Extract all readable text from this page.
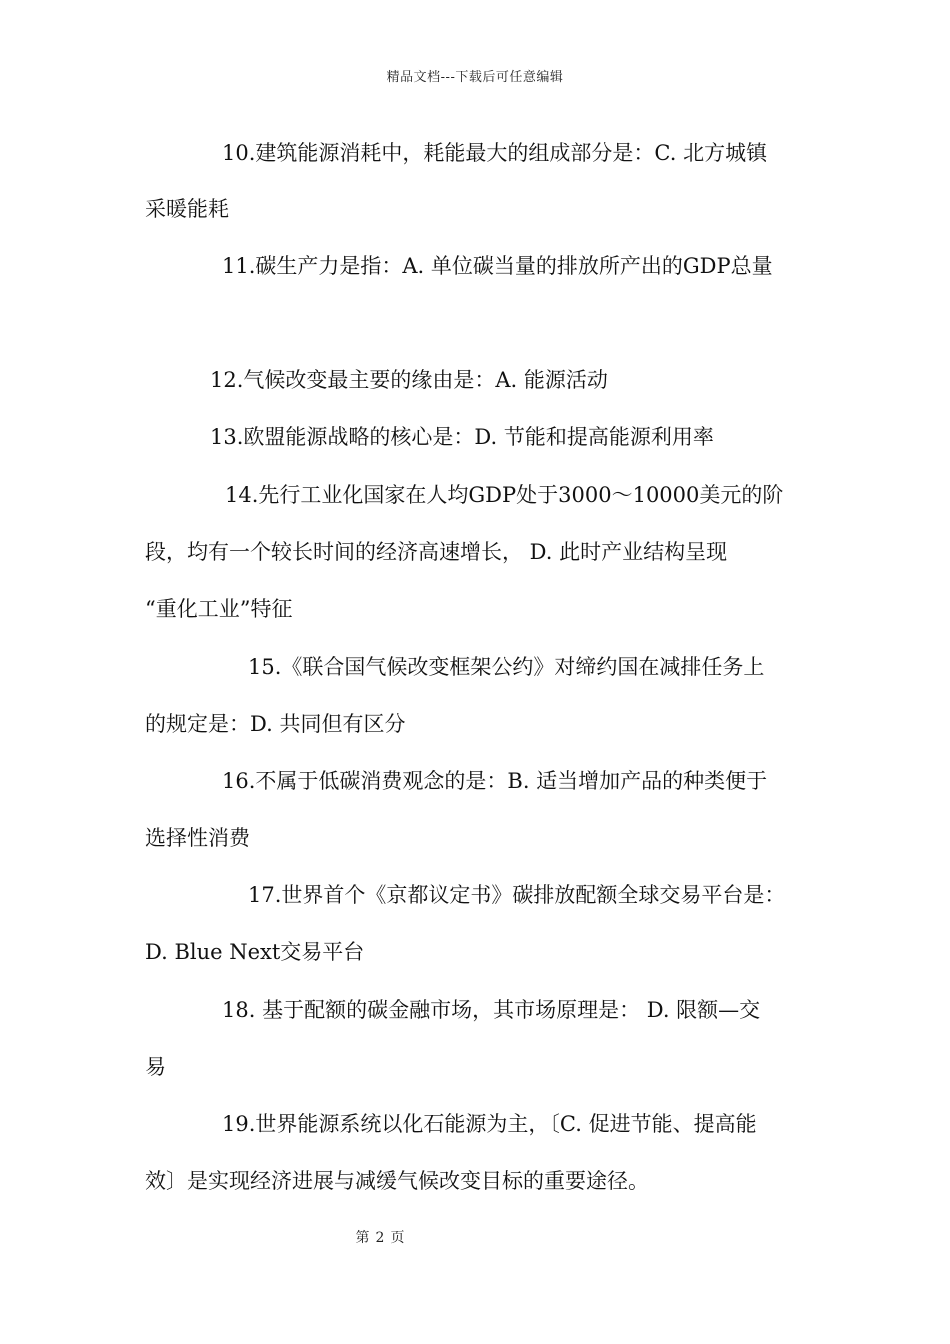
精品文档---下载后可任意编辑
10.建筑能源消耗中，耗能最大的组成部分是：C. 北方城镇
采暖能耗
11.碳生产力是指：A. 单位碳当量的排放所产出的GDP总量
12.气候改变最主要的缘由是：A. 能源活动
13.欧盟能源战略的核心是：D. 节能和提高能源利用率
14.先行工业化国家在人均GDP处于3000～10000美元的阶
段，均有一个较长时间的经济高速增长， D. 此时产业结构呈现
“重化工业”特征
15.《联合国气候改变框架公约》对缔约国在减排任务上
的规定是：D. 共同但有区分
16.不属于低碳消费观念的是：B. 适当增加产品的种类便于
选择性消费
17.世界首个《京都议定书》碳排放配额全球交易平台是：
D. Blue Next交易平台
18. 基于配额的碳金融市场，其市场原理是： D. 限额—交
易
19.世界能源系统以化石能源为主，〔C. 促进节能、提高能
效〕是实现经济进展与减缓气候改变目标的重要途径。
第 2 页
